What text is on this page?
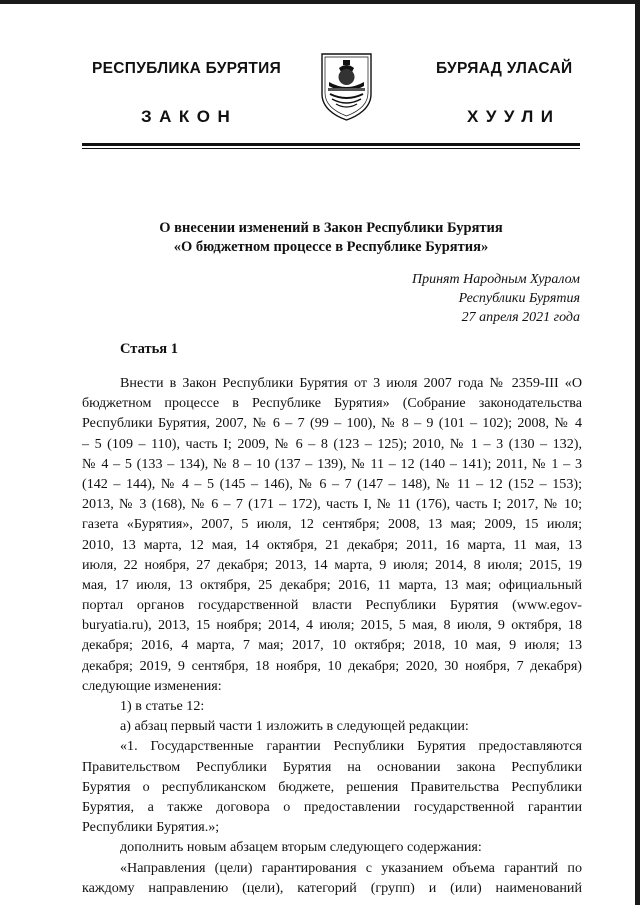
РЕСПУБЛИКА БУРЯТИЯ	БУРЯАД УЛАСАЙ
ЗАКОН	ХУУЛИ
О внесении изменений в Закон Республики Бурятия
«О бюджетном процессе в Республике Бурятия»
Принят Народным Хуралом
Республики Бурятия
27 апреля 2021 года
Статья 1
Внести в Закон Республики Бурятия от 3 июля 2007 года № 2359-III «О
бюджетном процессе в Республике Бурятия» (Собрание законодательства
Республики Бурятия, 2007, № 6 – 7 (99 – 100), № 8 – 9 (101 – 102); 2008, № 4
– 5 (109 – 110), часть I; 2009, № 6 – 8 (123 – 125); 2010, № 1 – 3 (130 – 132),
№ 4 – 5 (133 – 134), № 8 – 10 (137 – 139), № 11 – 12 (140 – 141); 2011, № 1 – 3
(142 – 144), № 4 – 5 (145 – 146), № 6 – 7 (147 – 148), № 11 – 12 (152 – 153);
2013, № 3 (168), № 6 – 7 (171 – 172), часть I, № 11 (176), часть I; 2017, № 10;
газета «Бурятия», 2007, 5 июля, 12 сентября; 2008, 13 мая; 2009, 15 июля;
2010, 13 марта, 12 мая, 14 октября, 21 декабря; 2011, 16 марта, 11 мая, 13
июля, 22 ноября, 27 декабря; 2013, 14 марта, 9 июля; 2014, 8 июля; 2015, 19
мая, 17 июля, 13 октября, 25 декабря; 2016, 11 марта, 13 мая; официальный
портал органов государственной власти Республики Бурятия (www.egov-
buryatia.ru), 2013, 15 ноября; 2014, 4 июля; 2015, 5 мая, 8 июля, 9 октября, 18
декабря; 2016, 4 марта, 7 мая; 2017, 10 октября; 2018, 10 мая, 9 июля; 13
декабря; 2019, 9 сентября, 18 ноября, 10 декабря; 2020, 30 ноября, 7 декабря)
следующие изменения:
1) в статье 12:
а) абзац первый части 1 изложить в следующей редакции:
«1. Государственные гарантии Республики Бурятия предоставляются
Правительством Республики Бурятия на основании закона Республики
Бурятия о республиканском бюджете, решения Правительства Республики
Бурятия, а также договора о предоставлении государственной гарантии
Республики Бурятия.»;
дополнить новым абзацем вторым следующего содержания:
«Направления (цели) гарантирования с указанием объема гарантий по
каждому направлению (цели), категорий (групп) и (или) наименований
